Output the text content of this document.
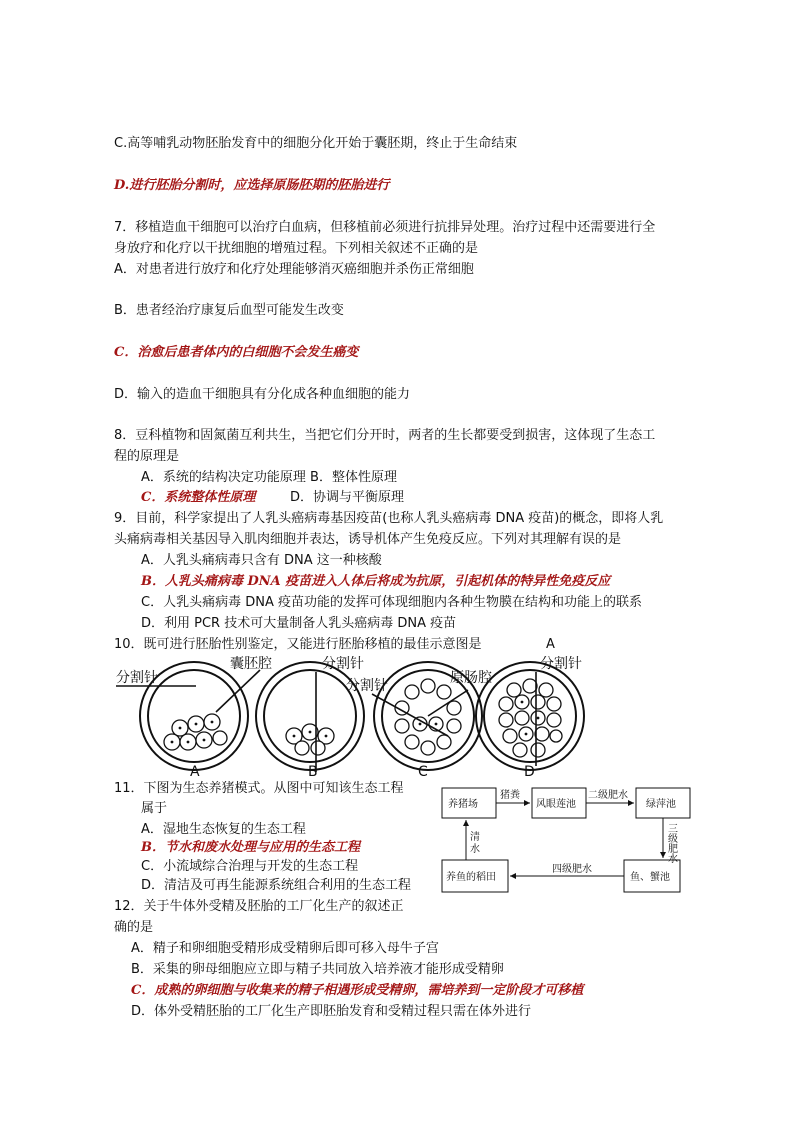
C.高等哺乳动物胚胎发育中的细胞分化开始于囊胚期，终止于生命结束
D.进行胚胎分割时，应选择原肠胚期的胚胎进行
7．移植造血干细胞可以治疗白血病，但移植前必须进行抗排异处理。治疗过程中还需要进行全
身放疗和化疗以干扰细胞的增殖过程。下列相关叙述不正确的是
A．对患者进行放疗和化疗处理能够消灭癌细胞并杀伤正常细胞
B．患者经治疗康复后血型可能发生改变
C．治愈后患者体内的白细胞不会发生癌变
D．输入的造血干细胞具有分化成各种血细胞的能力
8．豆科植物和固氮菌互利共生，当把它们分开时，两者的生长都要受到损害，这体现了生态工
程的原理是
A．系统的结构决定功能原理 B．整体性原理
C．系统整体性原理	D．协调与平衡原理
9．目前，科学家提出了人乳头癌病毒基因疫苗(也称人乳头癌病毒 DNA 疫苗)的概念，即将人乳
头痛病毒相关基因导入肌肉细胞并表达，诱导机体产生免疫反应。下列对其理解有误的是
A．人乳头痛病毒只含有 DNA 这一种核酸
B．人乳头痛病毒 DNA 疫苗进入人体后将成为抗原，引起机体的特异性免疫反应
C．人乳头痛病毒 DNA 疫苗功能的发挥可体现细胞内各种生物膜在结构和功能上的联系
D．利用 PCR 技术可大量制备人乳头癌病毒 DNA 疫苗
10．既可进行胚胎性别鉴定，又能进行胚胎移植的最佳示意图是	A
分割针
囊胚腔	分割针
分割针	原肠腔
分割针
A	B	C	D
11．下图为生态养猪模式。从图中可知该生态工程
属于
A．湿地生态恢复的生态工程
B．节水和废水处理与应用的生态工程
C．小流域综合治理与开发的生态工程
D．清洁及可再生能源系统组合利用的生态工程
养猪场	风眼莲池	绿萍池
养鱼的稻田	鱼、蟹池
猪粪	二级肥水
四级肥水
三
级
肥
水
清
水
12．关于牛体外受精及胚胎的工厂化生产的叙述正
确的是
A．精子和卵细胞受精形成受精卵后即可移入母牛子宫
B．采集的卵母细胞应立即与精子共同放入培养液才能形成受精卵
C．成熟的卵细胞与收集来的精子相遇形成受精卵，需培养到一定阶段才可移植
D．体外受精胚胎的工厂化生产即胚胎发育和受精过程只需在体外进行
